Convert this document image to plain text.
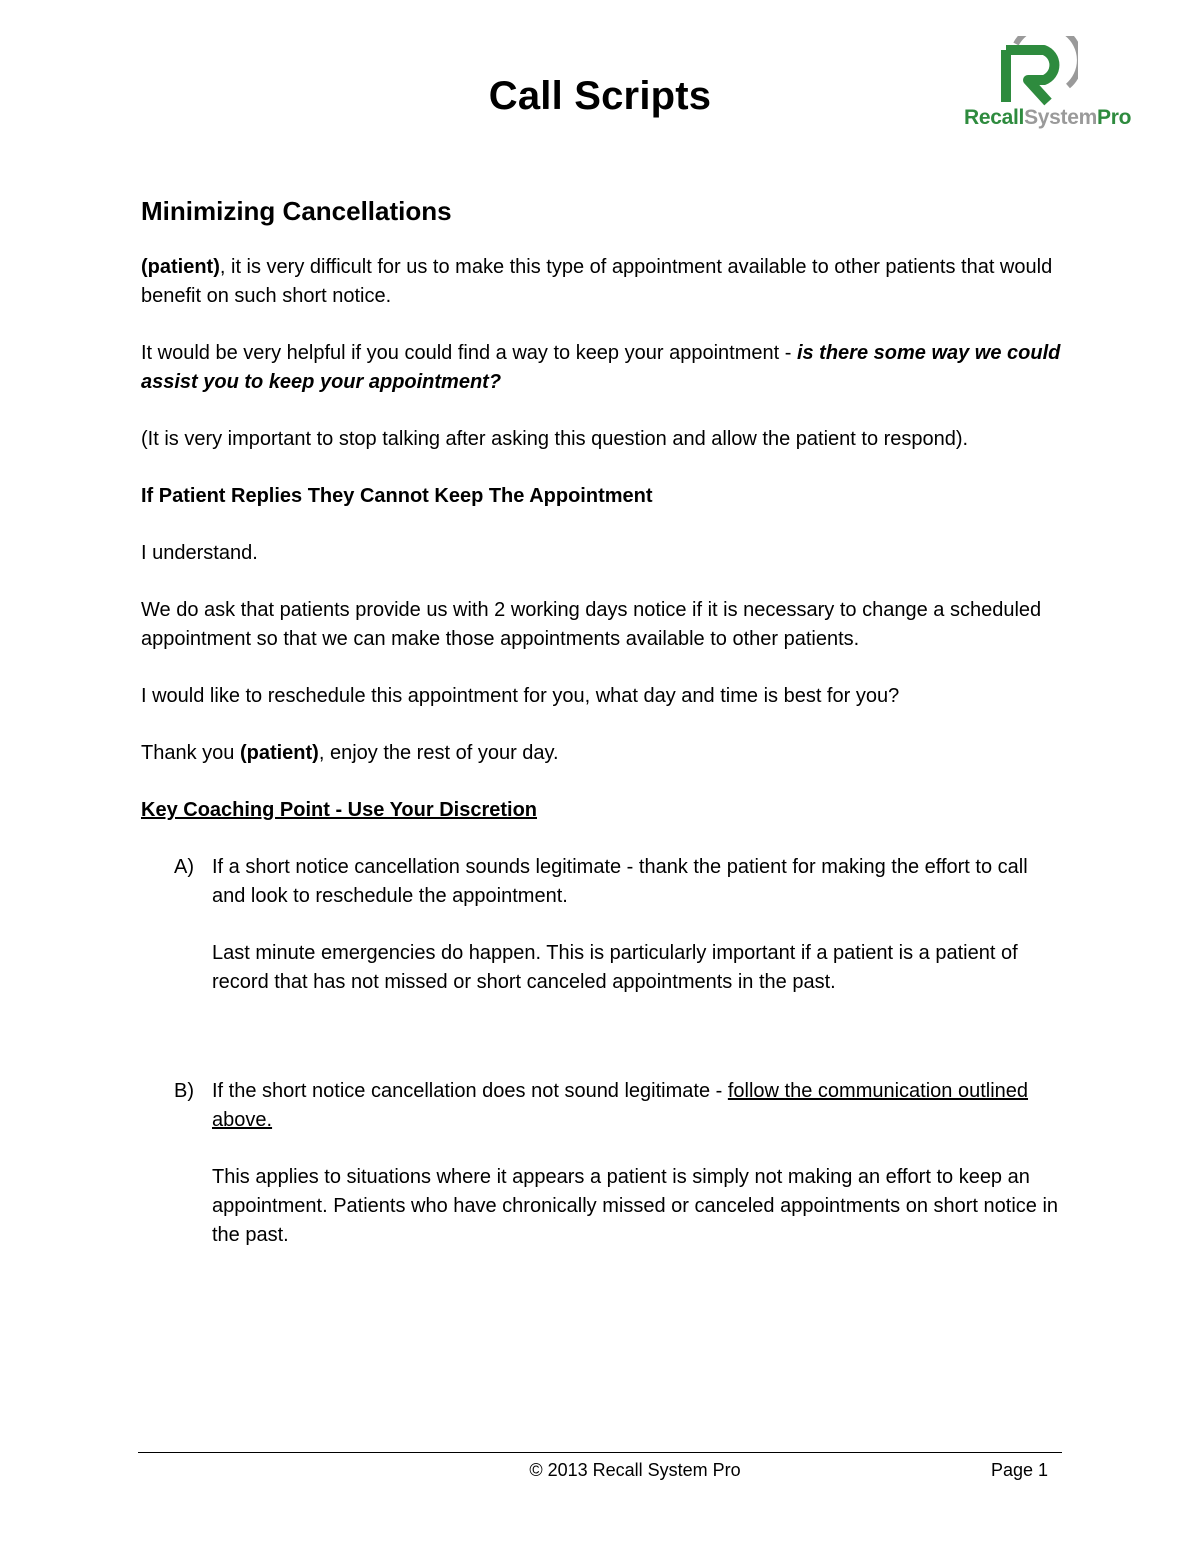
Call Scripts	RecallSystemPro
Minimizing Cancellations

(patient), it is very difficult for us to make this type of appointment available to other patients that would benefit on such short notice.

It would be very helpful if you could find a way to keep your appointment - is there some way we could assist you to keep your appointment?

(It is very important to stop talking after asking this question and allow the patient to respond).

If Patient Replies They Cannot Keep The Appointment

I understand.

We do ask that patients provide us with 2 working days notice if it is necessary to change a scheduled appointment so that we can make those appointments available to other patients.

I would like to reschedule this appointment for you, what day and time is best for you?

Thank you (patient), enjoy the rest of your day.

Key Coaching Point - Use Your Discretion

A) If a short notice cancellation sounds legitimate - thank the patient for making the effort to call and look to reschedule the appointment.

Last minute emergencies do happen. This is particularly important if a patient is a patient of record that has not missed or short canceled appointments in the past.

B) If the short notice cancellation does not sound legitimate - follow the communication outlined above.

This applies to situations where it appears a patient is simply not making an effort to keep an appointment. Patients who have chronically missed or canceled appointments on short notice in the past.

© 2013 Recall System Pro	Page 1
